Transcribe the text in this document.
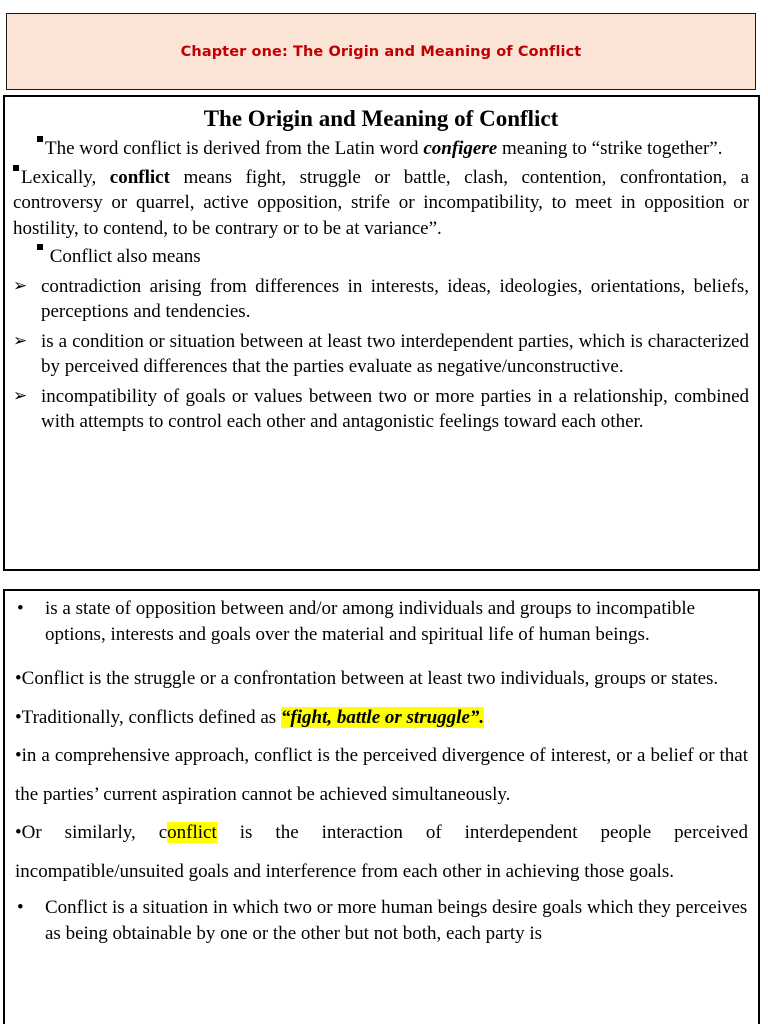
Chapter one: The Origin and Meaning of Conflict
The Origin and Meaning of Conflict

The word conflict is derived from the Latin word configere meaning to “strike together”.

Lexically, conflict means fight, struggle or battle, clash, contention, confrontation, a controversy or quarrel, active opposition, strife or incompatibility, to meet in opposition or hostility, to contend, to be contrary or to be at variance”.

Conflict also means

➢ contradiction arising from differences in interests, ideas, ideologies, orientations, beliefs, perceptions and tendencies.
➢ is a condition or situation between at least two interdependent parties, which is characterized by perceived differences that the parties evaluate as negative/unconstructive.
➢ incompatibility of goals or values between two or more parties in a relationship, combined with attempts to control each other and antagonistic feelings toward each other.
• is a state of opposition between and/or among individuals and groups to incompatible options, interests and goals over the material and spiritual life of human beings.

•Conflict is the struggle or a confrontation between at least two individuals, groups or states.

•Traditionally, conflicts defined as “fight, battle or struggle”.

•in a comprehensive approach, conflict is the perceived divergence of interest, or a belief or that the parties’ current aspiration cannot be achieved simultaneously.

•Or similarly, conflict is the interaction of interdependent people perceived incompatible/unsuited goals and interference from each other in achieving those goals.

• Conflict is a situation in which two or more human beings desire goals which they perceives as being obtainable by one or the other but not both, each party is
